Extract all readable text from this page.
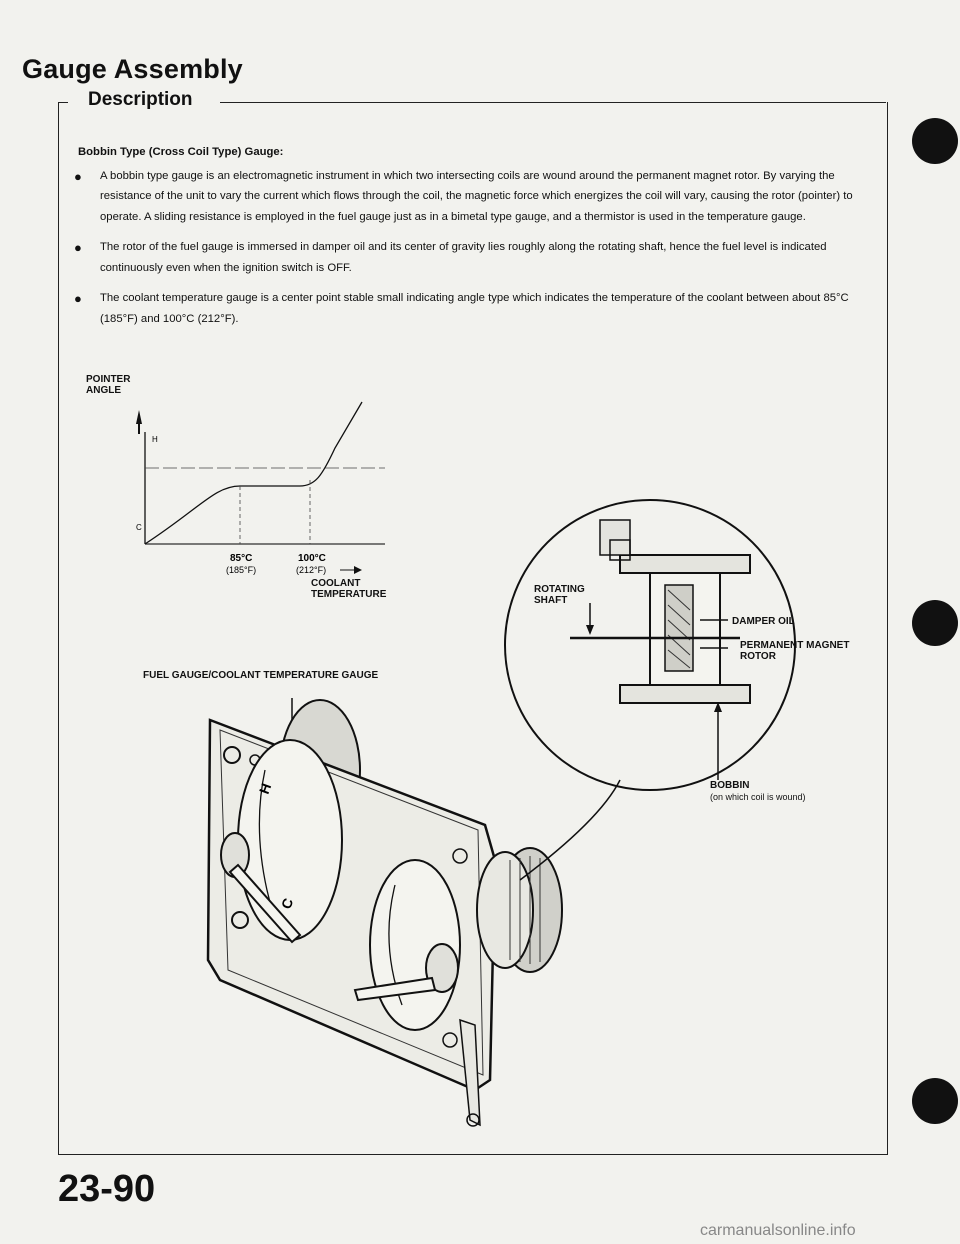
Gauge Assembly
Description
Bobbin Type (Cross Coil Type) Gauge:
● A bobbin type gauge is an electromagnetic instrument in which two intersecting coils are wound around the permanent magnet rotor. By varying the resistance of the unit to vary the current which flows through the coil, the magnetic force which energizes the coil will vary, causing the rotor (pointer) to operate. A sliding resistance is employed in the fuel gauge just as in a bimetal type gauge, and a thermistor is used in the temperature gauge.
● The rotor of the fuel gauge is immersed in damper oil and its center of gravity lies roughly along the rotating shaft, hence the fuel level is indicated continuously even when the ignition switch is OFF.
● The coolant temperature gauge is a center point stable small indicating angle type which indicates the temperature of the coolant between about 85°C (185°F) and 100°C (212°F).
POINTER ANGLE
H
C
85°C
(185°F)
100°C
(212°F)
COOLANT TEMPERATURE
FUEL GAUGE/COOLANT TEMPERATURE GAUGE
H
C
ROTATING SHAFT
DAMPER OIL
PERMANENT MAGNET ROTOR
BOBBIN
(on which coil is wound)
23-90
carmanualsonline.info
